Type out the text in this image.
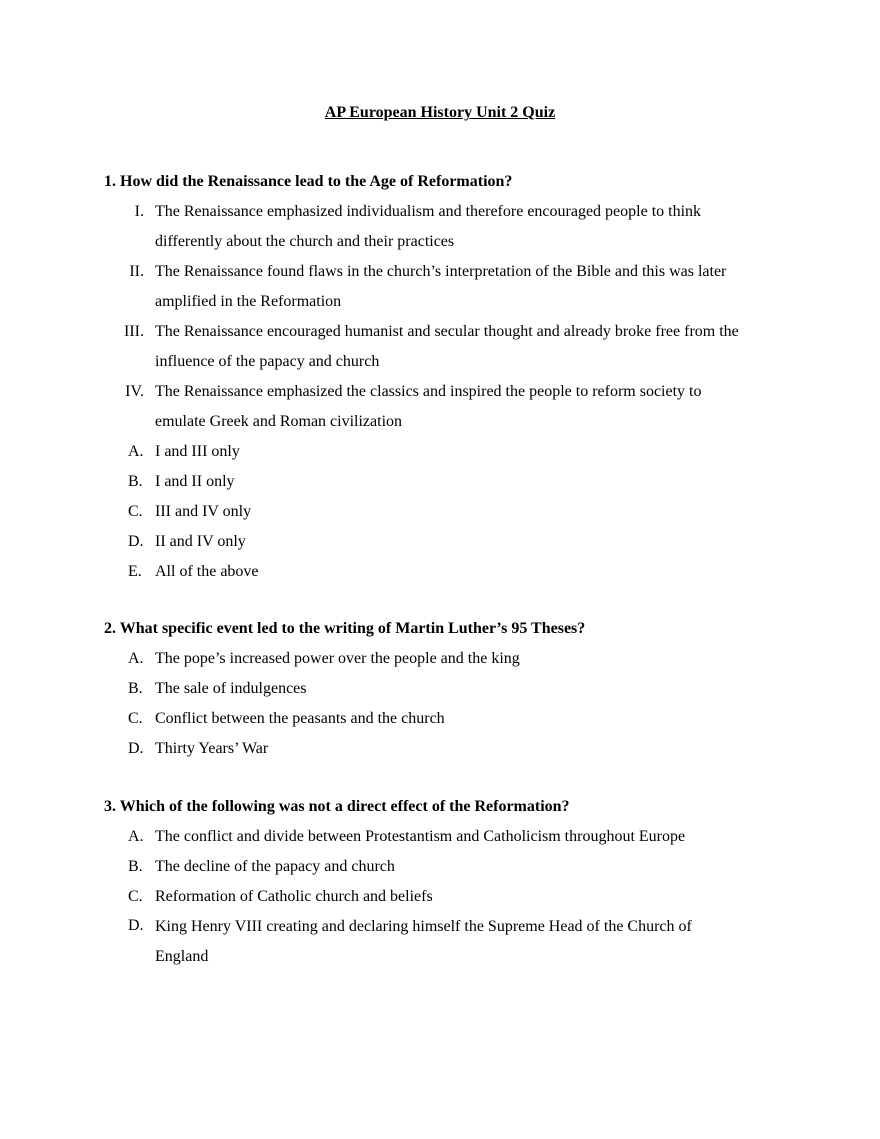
AP European History Unit 2 Quiz
1. How did the Renaissance lead to the Age of Reformation?
I. The Renaissance emphasized individualism and therefore encouraged people to think
differently about the church and their practices
II. The Renaissance found flaws in the church’s interpretation of the Bible and this was later
amplified in the Reformation
III. The Renaissance encouraged humanist and secular thought and already broke free from the
influence of the papacy and church
IV. The Renaissance emphasized the classics and inspired the people to reform society to
emulate Greek and Roman civilization
A. I and III only
B. I and II only
C. III and IV only
D. II and IV only
E. All of the above
2. What specific event led to the writing of Martin Luther’s 95 Theses?
A. The pope’s increased power over the people and the king
B. The sale of indulgences
C. Conflict between the peasants and the church
D. Thirty Years’ War
3. Which of the following was not a direct effect of the Reformation?
A. The conflict and divide between Protestantism and Catholicism throughout Europe
B. The decline of the papacy and church
C. Reformation of Catholic church and beliefs
D. King Henry VIII creating and declaring himself the Supreme Head of the Church of
England
